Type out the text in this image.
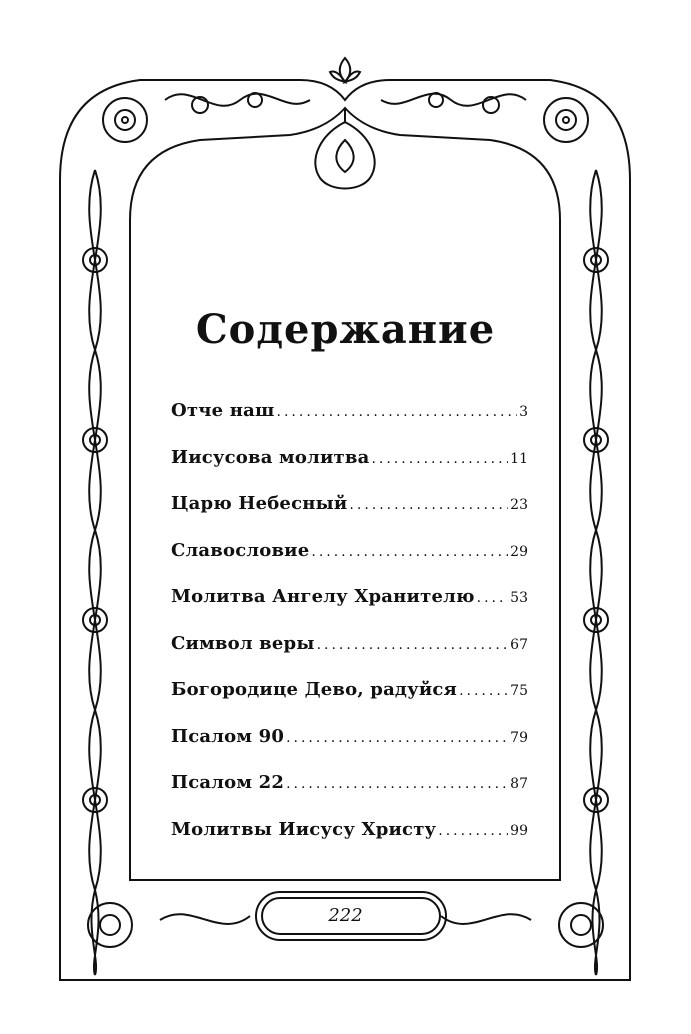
Содержание
Отче наш .....	3
Иисусова молитва .....	11
Царю Небесный .....	23
Славословие .....	29
Молитва Ангелу Хранителю .....	53
Символ веры .....	67
Богородице Дево, радуйся .....	75
Псалом 90 .....	79
Псалом 22 .....	87
Молитвы Иисусу Христу .....	99
222
